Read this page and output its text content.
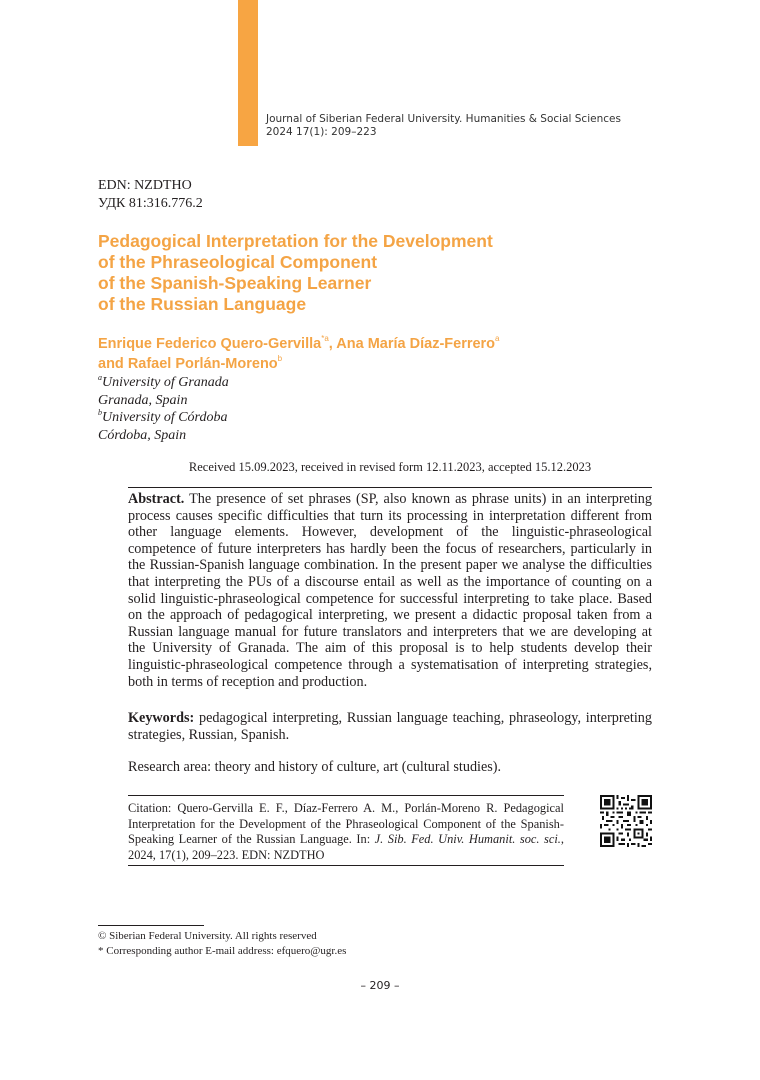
Journal of Siberian Federal University. Humanities & Social Sciences
2024 17(1): 209–223
EDN: NZDTHO
УДК 81:316.776.2
Pedagogical Interpretation for the Development
of the Phraseological Component
of the Spanish-Speaking Learner
of the Russian Language
Enrique Federico Quero-Gervilla$^{*a}$, Ana María Díaz-Ferrero$^a$
and Rafael Porlán-Moreno$^b$
$^a$University of Granada
Granada, Spain
$^b$University of Córdoba
Córdoba, Spain
Received 15.09.2023, received in revised form 12.11.2023, accepted 15.12.2023

Abstract. The presence of set phrases (SP, also known as phrase units) in an interpreting process causes specific difficulties that turn its processing in interpretation different from other language elements. However, development of the linguistic-phraseological competence of future interpreters has hardly been the focus of researchers, particularly in the Russian-Spanish language combination. In the present paper we analyse the difficulties that interpreting the PUs of a discourse entail as well as the importance of counting on a solid linguistic-phraseological competence for successful interpreting to take place. Based on the approach of pedagogical interpreting, we present a didactic proposal taken from a Russian language manual for future translators and interpreters that we are developing at the University of Granada. The aim of this proposal is to help students develop their linguistic-phraseological competence through a systematisation of interpreting strategies, both in terms of reception and production.

Keywords: pedagogical interpreting, Russian language teaching, phraseology, interpreting strategies, Russian, Spanish.

Research area: theory and history of culture, art (cultural studies).

Citation: Quero-Gervilla E. F., Díaz-Ferrero A. M., Porlán-Moreno R. Pedagogical Interpretation for the Development of the Phraseological Component of the Spanish-Speaking Learner of the Russian Language. In: J. Sib. Fed. Univ. Humanit. soc. sci., 2024, 17(1), 209–223. EDN: NZDTHO

© Siberian Federal University. All rights reserved
* Corresponding author E-mail address: efquero@ugr.es
– 209 –
